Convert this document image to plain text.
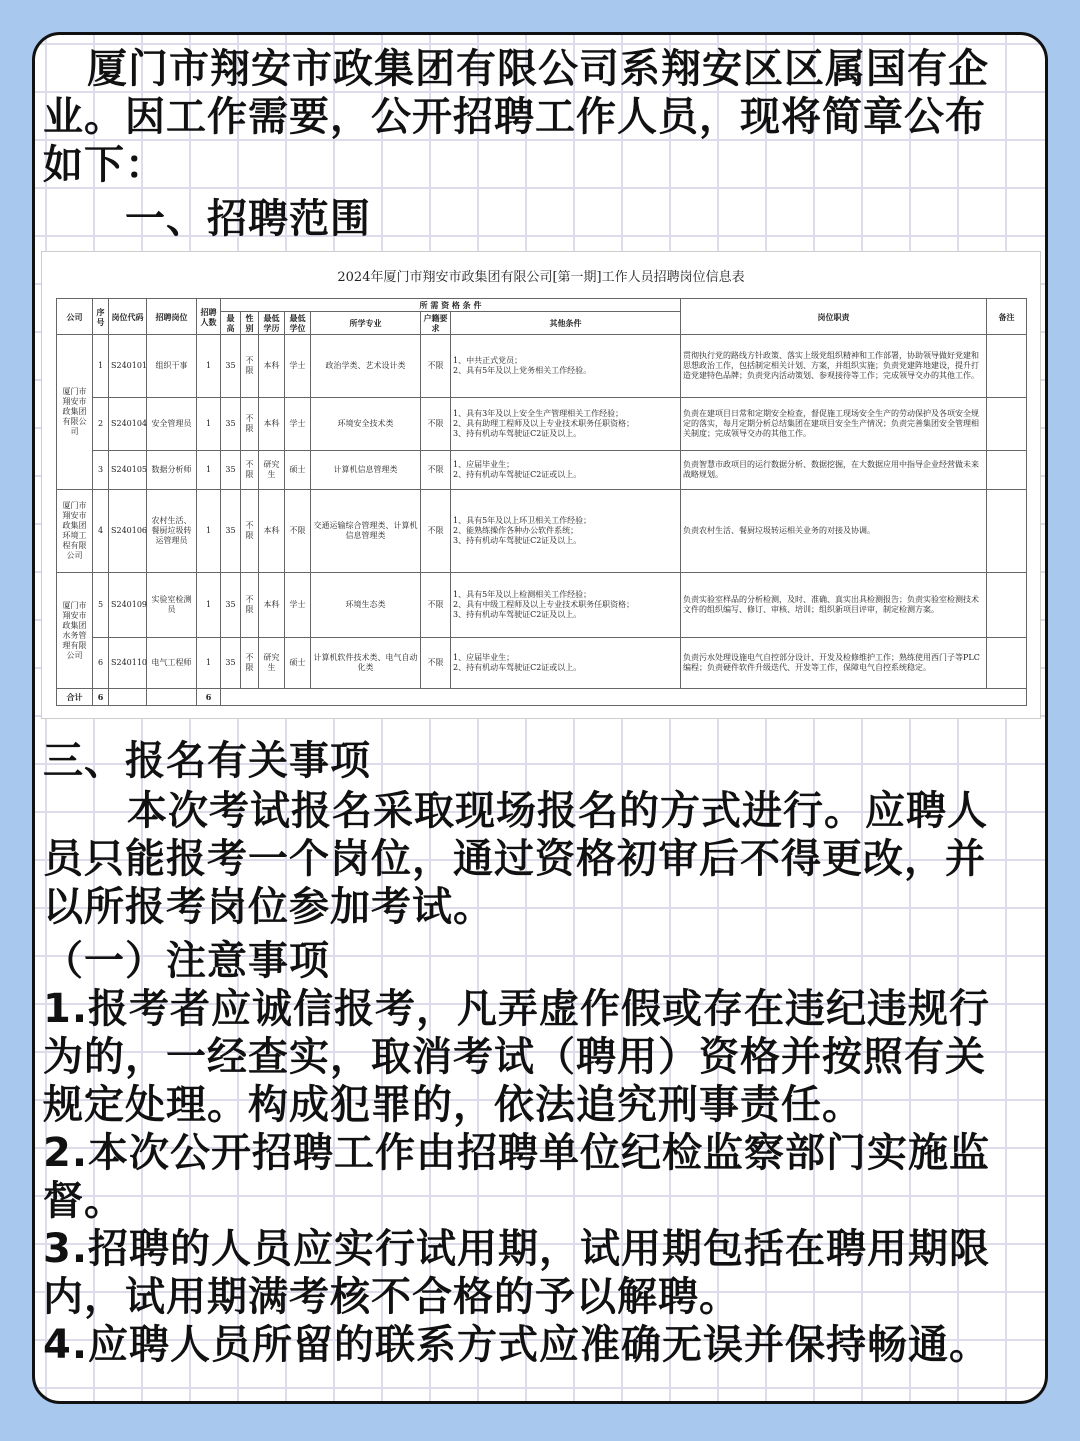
厦门市翔安市政集团有限公司系翔安区区属国有企
业。因工作需要，公开招聘工作人员，现将简章公布
如下：
一、招聘范围
2024年厦门市翔安市政集团有限公司[第一期]工作人员招聘岗位信息表
公司	序号	岗位代码	招聘岗位	招聘人数	所 需 资 格 条 件							岗位职责	备注
					最高	性别	最低学历	最低学位	所学专业	户籍要求	其他条件		
厦门市翔安市政集团有限公司	1	S240101	组织干事	1	35	不限	本科	学士	政治学类、艺术设计类	不限	1、中共正式党员；
2、具有5年及以上党务相关工作经验。	贯彻执行党的路线方针政策、落实上级党组织精神和工作部署，协助领导做好党建和思想政治工作，包括制定相关计划、方案，并组织实施；负责党建阵地建设，提升打造党建特色品牌；负责党内活动策划、参观接待等工作；完成领导交办的其他工作。	
	2	S240104	安全管理员	1	35	不限	本科	学士	环境安全技术类	不限	1、具有3年及以上安全生产管理相关工作经验；
2、具有助理工程师及以上专业技术职务任职资格；
3、持有机动车驾驶证C2证及以上。	负责在建项目日常和定期安全检查，督促施工现场安全生产的劳动保护及各项安全规定的落实，每月定期分析总结集团在建项目安全生产情况；负责完善集团安全管理相关制度；完成领导交办的其他工作。	
	3	S240105	数据分析师	1	35	不限	研究生	硕士	计算机信息管理类	不限	1、应届毕业生；
2、持有机动车驾驶证C2证或以上。	负责智慧市政项目的运行数据分析、数据挖掘，在大数据应用中指导企业经营做未来战略规划。	
厦门市翔安市政集团环境工程有限公司	4	S240106	农村生活、餐厨垃圾转运管理员	1	35	不限	本科	不限	交通运输综合管理类、计算机信息管理类	不限	1、具有5年及以上环卫相关工作经验；
2、能熟练操作各种办公软件系统；
3、持有机动车驾驶证C2证及以上。	负责农村生活、餐厨垃圾转运相关业务的对接及协调。	
厦门市翔安市政集团水务管理有限公司	5	S240109	实验室检测员	1	35	不限	本科	学士	环境生态类	不限	1、具有5年及以上检测相关工作经验；
2、具有中级工程师及以上专业技术职务任职资格；
3、持有机动车驾驶证C2证及以上。	负责实验室样品的分析检测，及时、准确、真实出具检测报告；负责实验室检测技术文件的组织编写、修订、审核、培训；组织新项目评审，制定检测方案。	
	6	S240110	电气工程师	1	35	不限	研究生	硕士	计算机软件技术类、电气自动化类	不限	1、应届毕业生；
2、持有机动车驾驶证C2证或以上。	负责污水处理设施电气自控部分设计、开发及检修维护工作；熟练使用西门子等PLC编程；负责硬件软件升级迭代、开发等工作，保障电气自控系统稳定。	
合计	6			6									
三、报名有关事项
本次考试报名采取现场报名的方式进行。应聘人
员只能报考一个岗位，通过资格初审后不得更改，并
以所报考岗位参加考试。
（一）注意事项
1.报考者应诚信报考，凡弄虚作假或存在违纪违规行
为的，一经查实，取消考试（聘用）资格并按照有关
规定处理。构成犯罪的，依法追究刑事责任。
2.本次公开招聘工作由招聘单位纪检监察部门实施监
督。
3.招聘的人员应实行试用期，试用期包括在聘用期限
内，试用期满考核不合格的予以解聘。
4.应聘人员所留的联系方式应准确无误并保持畅通。
